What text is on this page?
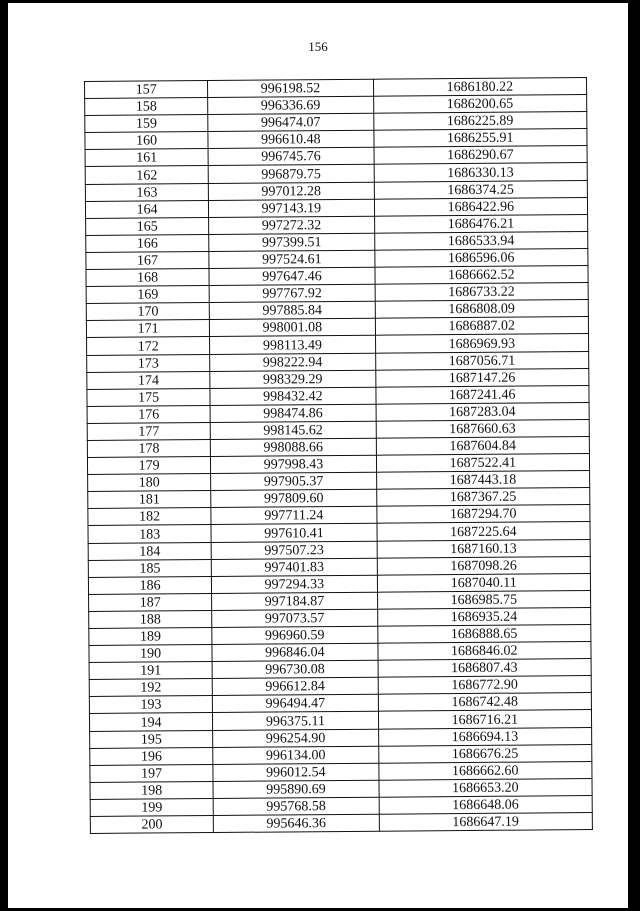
156
157	996198.52	1686180.22
158	996336.69	1686200.65
159	996474.07	1686225.89
160	996610.48	1686255.91
161	996745.76	1686290.67
162	996879.75	1686330.13
163	997012.28	1686374.25
164	997143.19	1686422.96
165	997272.32	1686476.21
166	997399.51	1686533.94
167	997524.61	1686596.06
168	997647.46	1686662.52
169	997767.92	1686733.22
170	997885.84	1686808.09
171	998001.08	1686887.02
172	998113.49	1686969.93
173	998222.94	1687056.71
174	998329.29	1687147.26
175	998432.42	1687241.46
176	998474.86	1687283.04
177	998145.62	1687660.63
178	998088.66	1687604.84
179	997998.43	1687522.41
180	997905.37	1687443.18
181	997809.60	1687367.25
182	997711.24	1687294.70
183	997610.41	1687225.64
184	997507.23	1687160.13
185	997401.83	1687098.26
186	997294.33	1687040.11
187	997184.87	1686985.75
188	997073.57	1686935.24
189	996960.59	1686888.65
190	996846.04	1686846.02
191	996730.08	1686807.43
192	996612.84	1686772.90
193	996494.47	1686742.48
194	996375.11	1686716.21
195	996254.90	1686694.13
196	996134.00	1686676.25
197	996012.54	1686662.60
198	995890.69	1686653.20
199	995768.58	1686648.06
200	995646.36	1686647.19
